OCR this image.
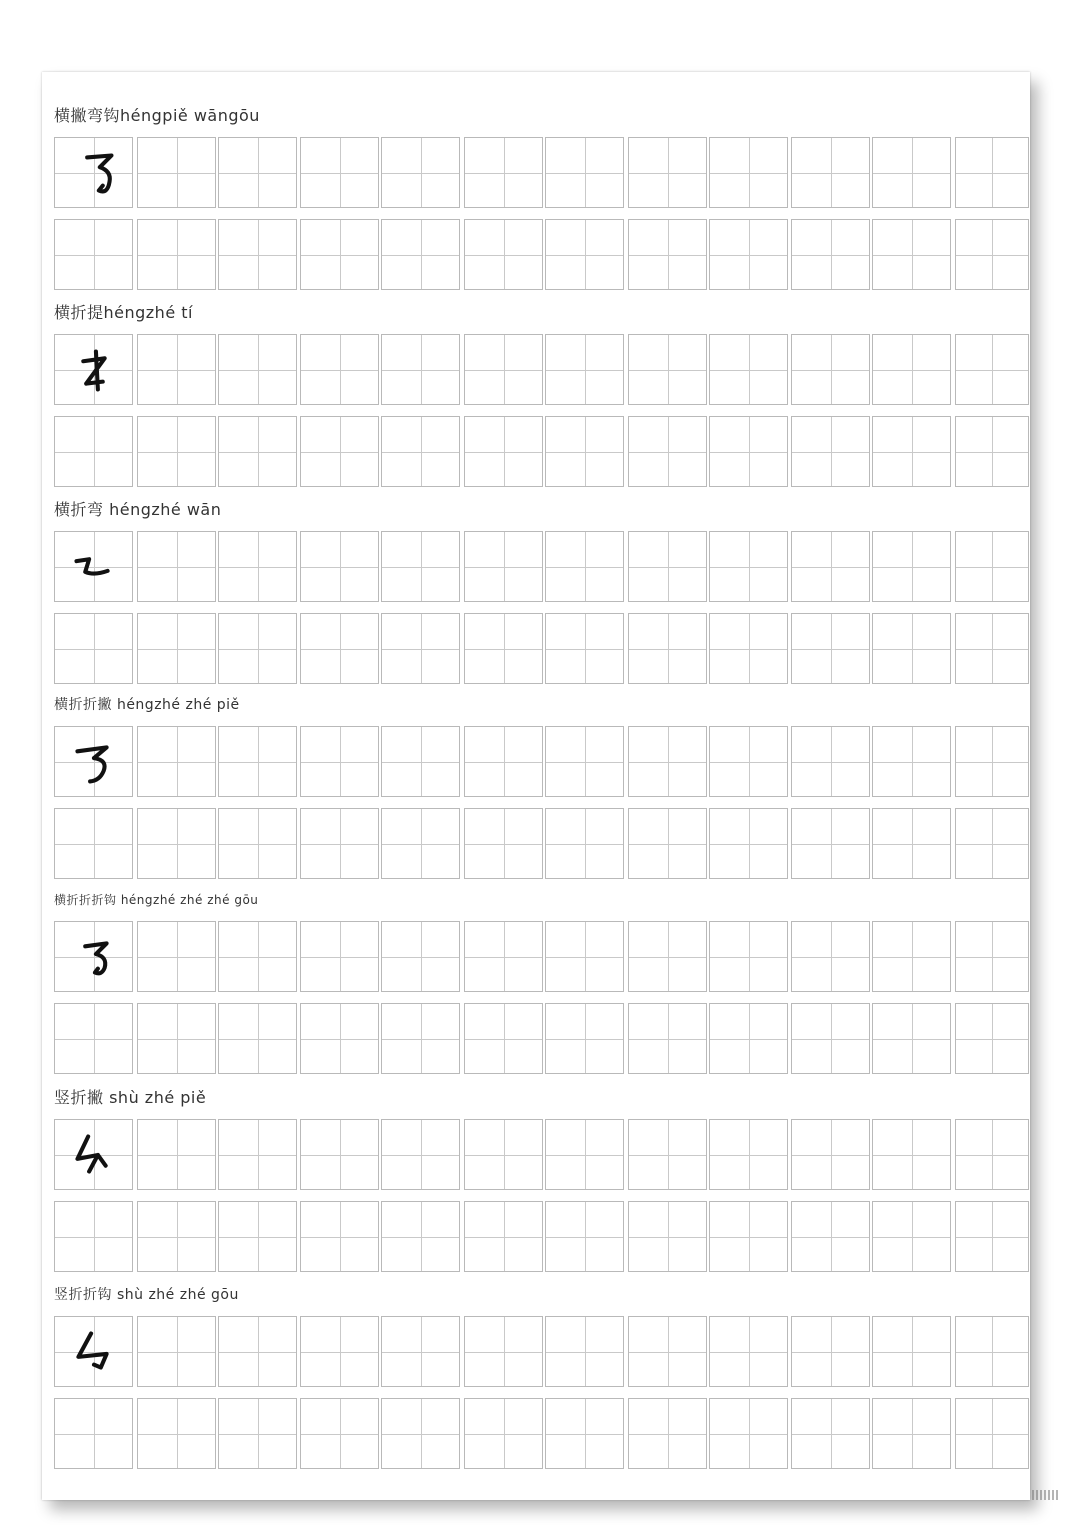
横撇弯钩héngpiě wāngōu
横折提héngzhé tí
横折弯 héngzhé wān
横折折撇 héngzhé zhé piě
横折折折钩 héngzhé zhé zhé gōu
竖折撇 shù zhé piě
竖折折钩 shù zhé zhé gōu
